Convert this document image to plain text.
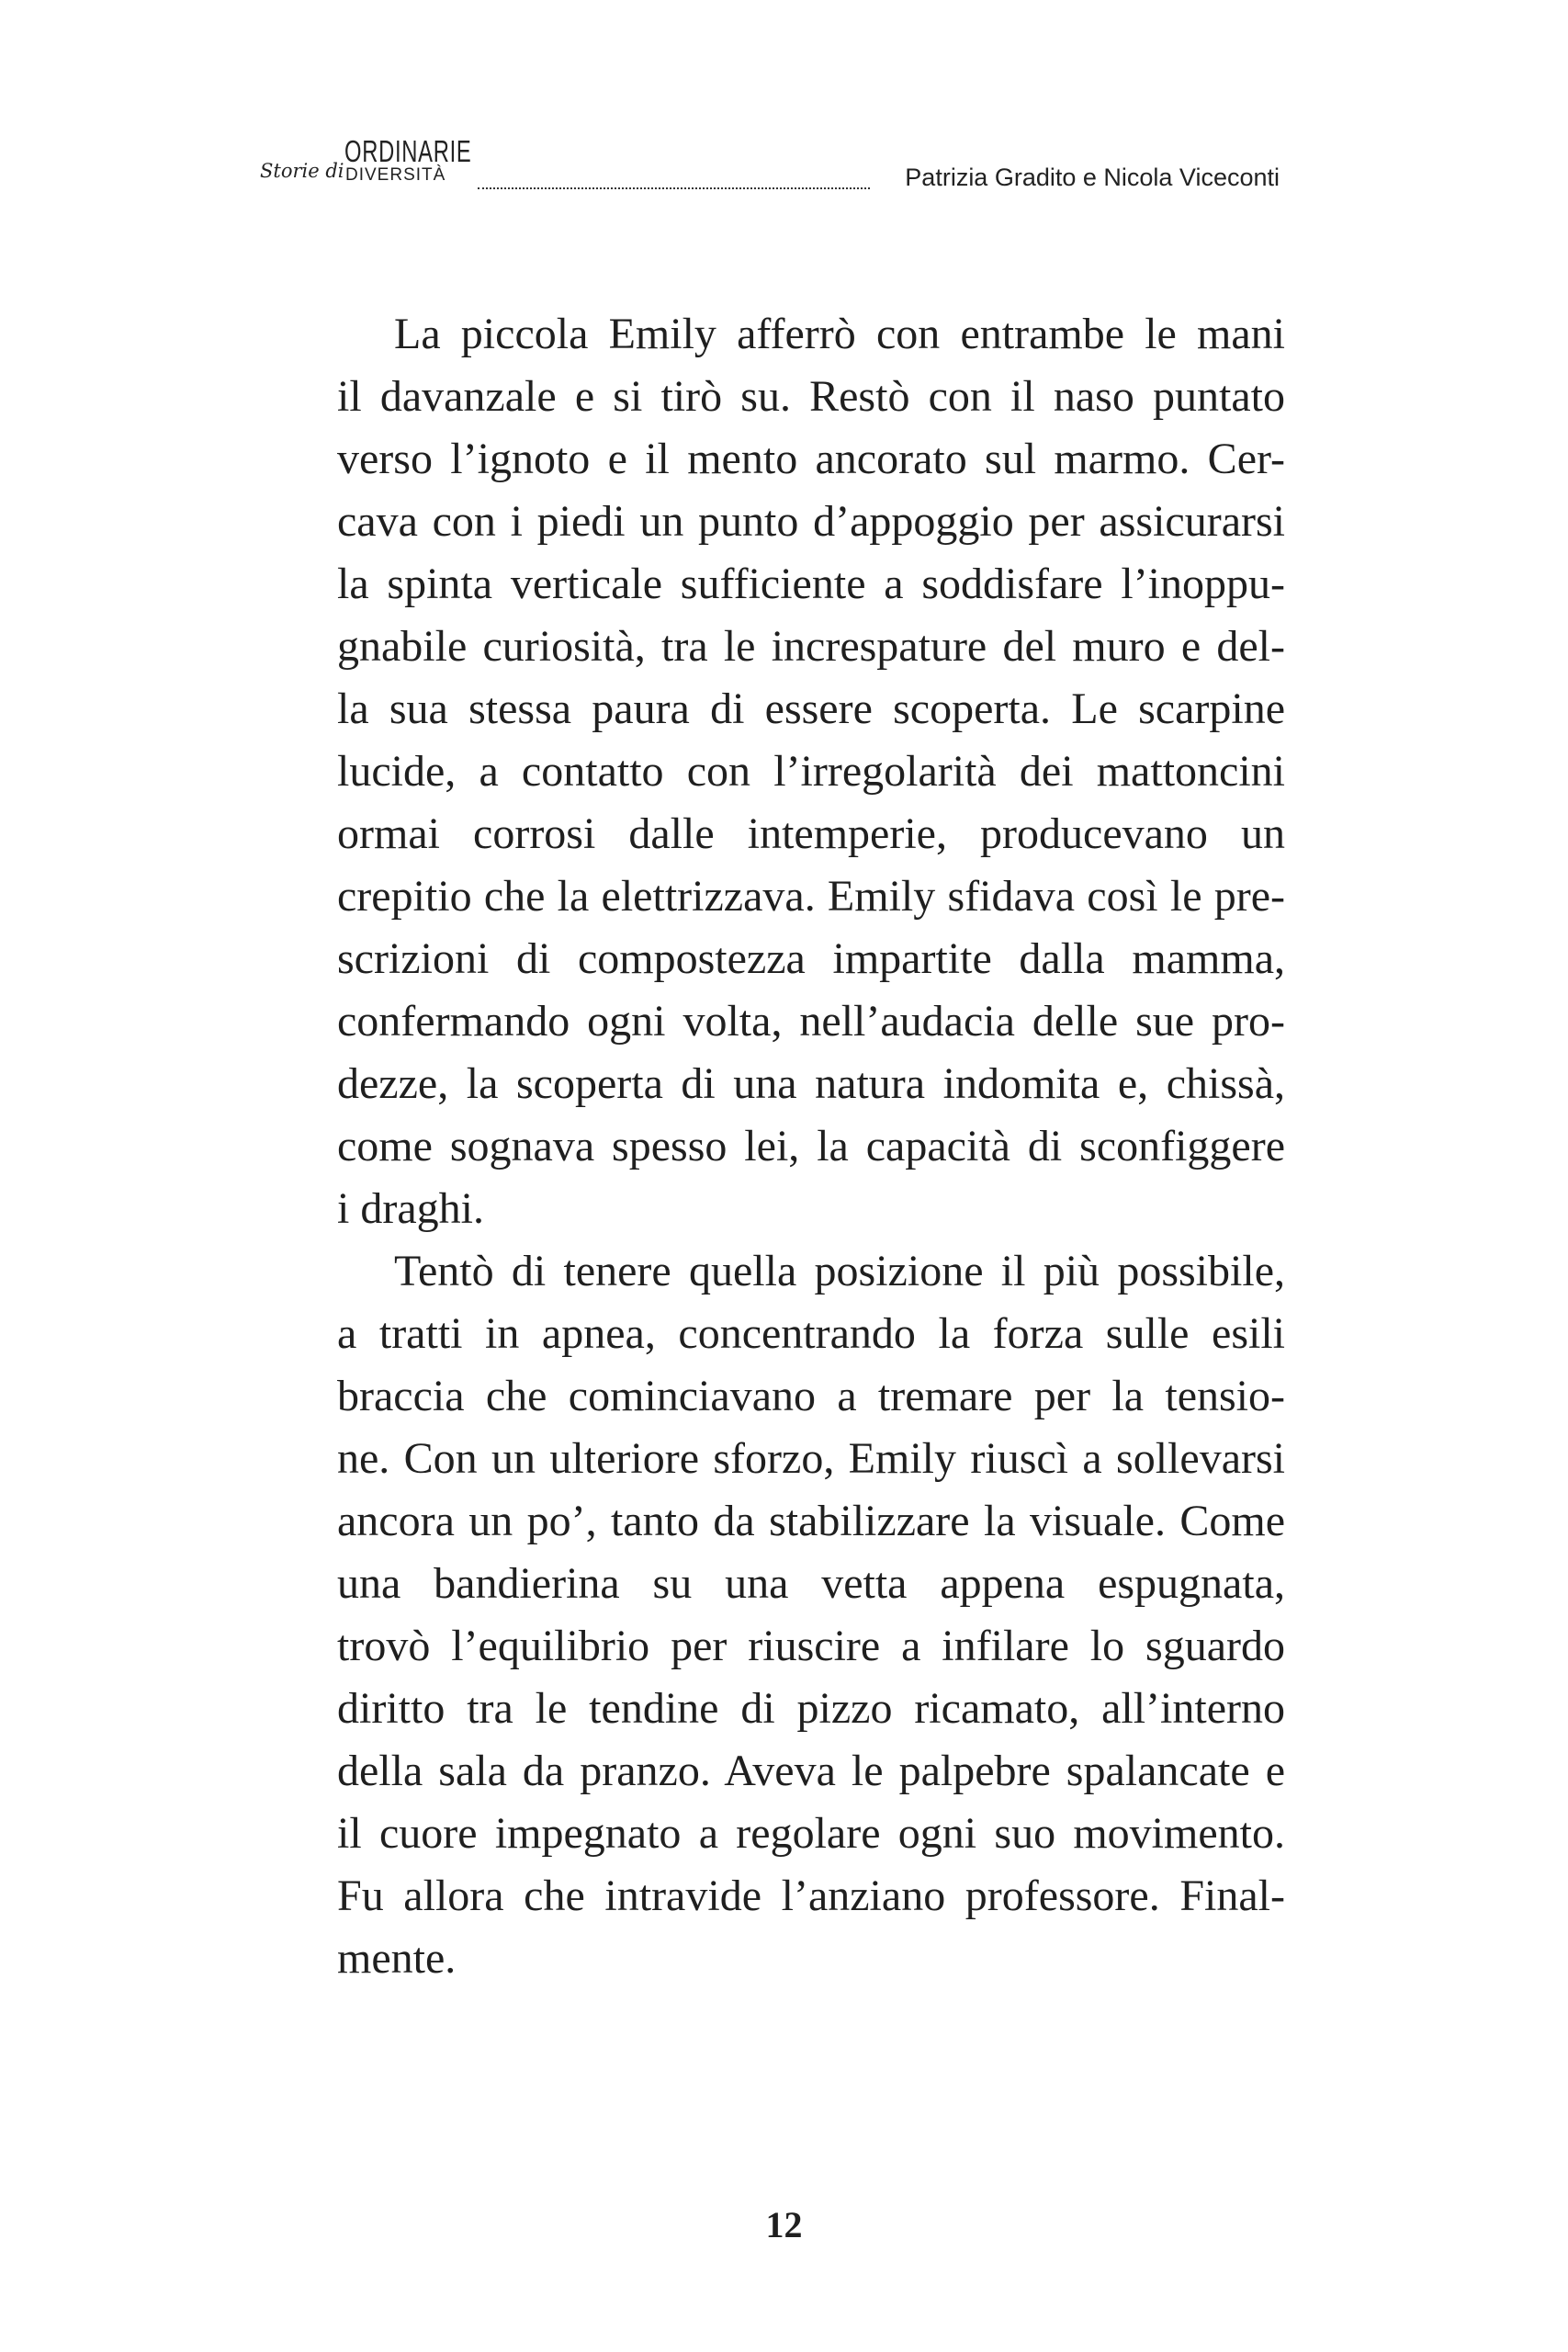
Storie di
ORDINARIE
DIVERSITÀ	Patrizia Gradito e Nicola Viceconti
La piccola Emily afferrò con entrambe le mani
il davanzale e si tirò su. Restò con il naso puntato
verso l’ignoto e il mento ancorato sul marmo. Cer-
cava con i piedi un punto d’appoggio per assicurarsi
la spinta verticale sufficiente a soddisfare l’inoppu-
gnabile curiosità, tra le increspature del muro e del-
la sua stessa paura di essere scoperta. Le scarpine
lucide, a contatto con l’irregolarità dei mattoncini
ormai corrosi dalle intemperie, producevano un
crepitio che la elettrizzava. Emily sfidava così le pre-
scrizioni di compostezza impartite dalla mamma,
confermando ogni volta, nell’audacia delle sue pro-
dezze, la scoperta di una natura indomita e, chissà,
come sognava spesso lei, la capacità di sconfiggere
i draghi.
Tentò di tenere quella posizione il più possibile,
a tratti in apnea, concentrando la forza sulle esili
braccia che cominciavano a tremare per la tensio-
ne. Con un ulteriore sforzo, Emily riuscì a sollevarsi
ancora un po’, tanto da stabilizzare la visuale. Come
una bandierina su una vetta appena espugnata,
trovò l’equilibrio per riuscire a infilare lo sguardo
diritto tra le tendine di pizzo ricamato, all’interno
della sala da pranzo. Aveva le palpebre spalancate e
il cuore impegnato a regolare ogni suo movimento.
Fu allora che intravide l’anziano professore. Final-
mente.
12
